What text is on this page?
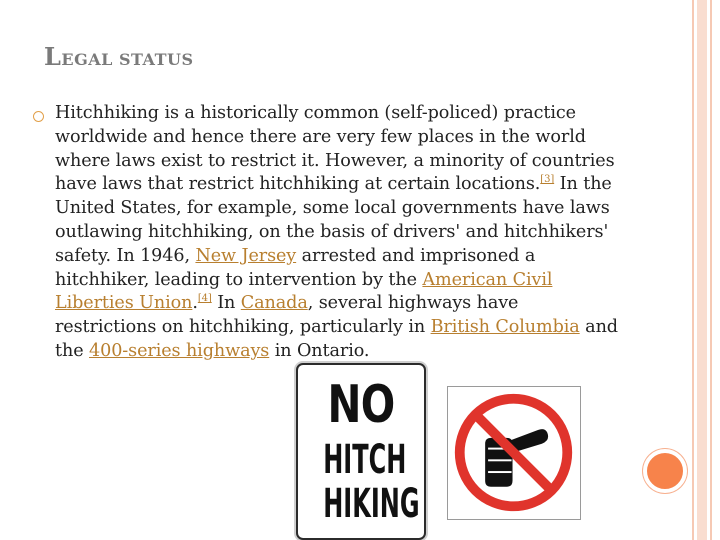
LEGAL STATUS
Hitchhiking is a historically common (self-policed) practice
worldwide and hence there are very few places in the world
where laws exist to restrict it. However, a minority of countries
have laws that restrict hitchhiking at certain locations.[3] In the
United States, for example, some local governments have laws
outlawing hitchhiking, on the basis of drivers' and hitchhikers'
safety. In 1946, New Jersey arrested and imprisoned a
hitchhiker, leading to intervention by the American Civil
Liberties Union.[4] In Canada, several highways have
restrictions on hitchhiking, particularly in British Columbia and
the 400-series highways in Ontario.
NO
HITCH
HIKING
